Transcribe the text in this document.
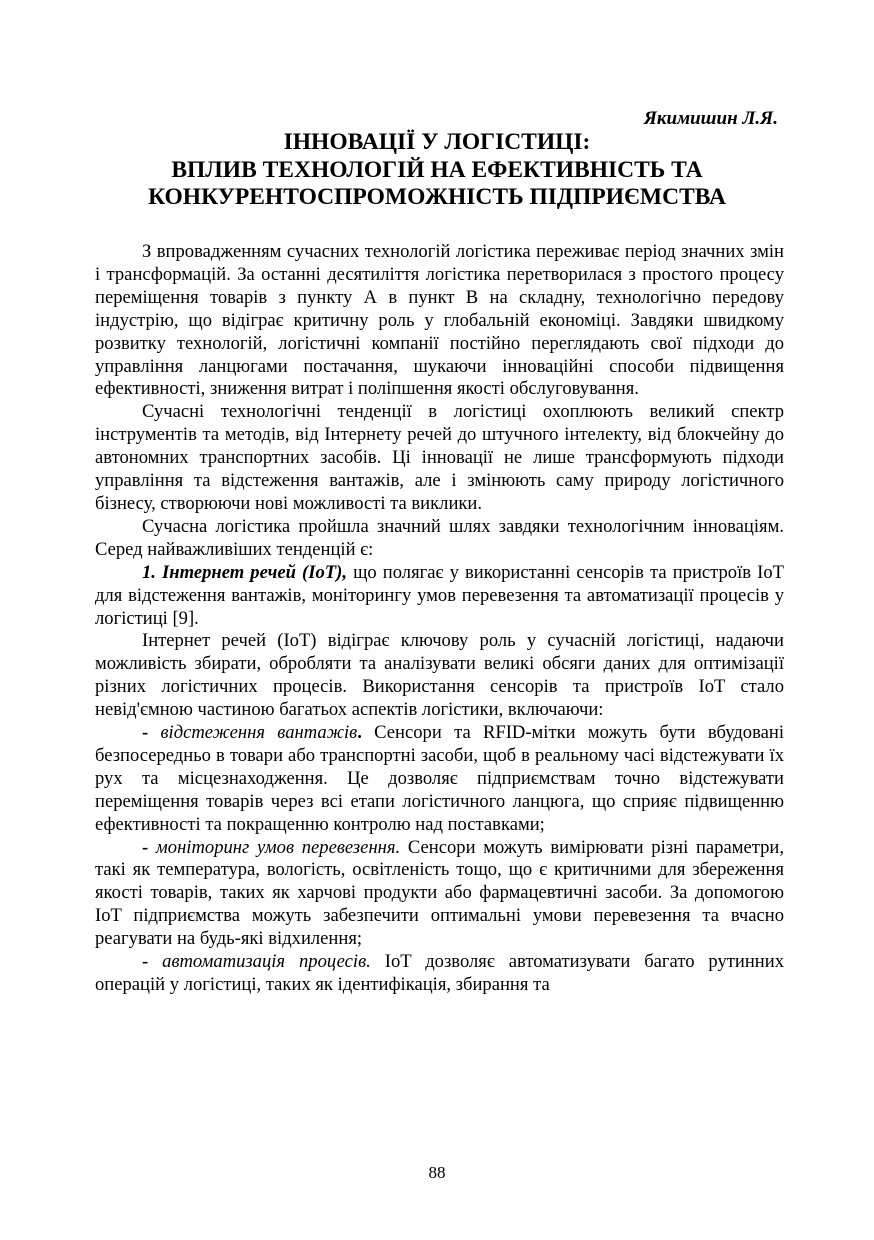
Якимишин Л.Я.
ІННОВАЦІЇ У ЛОГІСТИЦІ:
ВПЛИВ ТЕХНОЛОГІЙ НА ЕФЕКТИВНІСТЬ ТА
КОНКУРЕНТОСПРОМОЖНІСТЬ ПІДПРИЄМСТВА

З впровадженням сучасних технологій логістика переживає період значних змін і трансформацій. За останні десятиліття логістика перетворилася з простого процесу переміщення товарів з пункту А в пункт В на складну, технологічно передову індустрію, що відіграє критичну роль у глобальній економіці. Завдяки швидкому розвитку технологій, логістичні компанії постійно переглядають свої підходи до управління ланцюгами постачання, шукаючи інноваційні способи підвищення ефективності, зниження витрат і поліпшення якості обслуговування.

Сучасні технологічні тенденції в логістиці охоплюють великий спектр інструментів та методів, від Інтернету речей до штучного інтелекту, від блокчейну до автономних транспортних засобів. Ці інновації не лише трансформують підходи управління та відстеження вантажів, але і змінюють саму природу логістичного бізнесу, створюючи нові можливості та виклики.

Сучасна логістика пройшла значний шлях завдяки технологічним інноваціям. Серед найважливіших тенденцій є:

1. Інтернет речей (IoT), що полягає у використанні сенсорів та пристроїв IoT для відстеження вантажів, моніторингу умов перевезення та автоматизації процесів у логістиці [9].

Інтернет речей (IoT) відіграє ключову роль у сучасній логістиці, надаючи можливість збирати, обробляти та аналізувати великі обсяги даних для оптимізації різних логістичних процесів. Використання сенсорів та пристроїв IoT стало невід'ємною частиною багатьох аспектів логістики, включаючи:

- відстеження вантажів. Сенсори та RFID-мітки можуть бути вбудовані безпосередньо в товари або транспортні засоби, щоб в реальному часі відстежувати їх рух та місцезнаходження. Це дозволяє підприємствам точно відстежувати переміщення товарів через всі етапи логістичного ланцюга, що сприяє підвищенню ефективності та покращенню контролю над поставками;

- моніторинг умов перевезення. Сенсори можуть вимірювати різні параметри, такі як температура, вологість, освітленість тощо, що є критичними для збереження якості товарів, таких як харчові продукти або фармацевтичні засоби. За допомогою IoT підприємства можуть забезпечити оптимальні умови перевезення та вчасно реагувати на будь-які відхилення;

- автоматизація процесів. IoT дозволяє автоматизувати багато рутинних операцій у логістиці, таких як ідентифікація, збирання та

88
